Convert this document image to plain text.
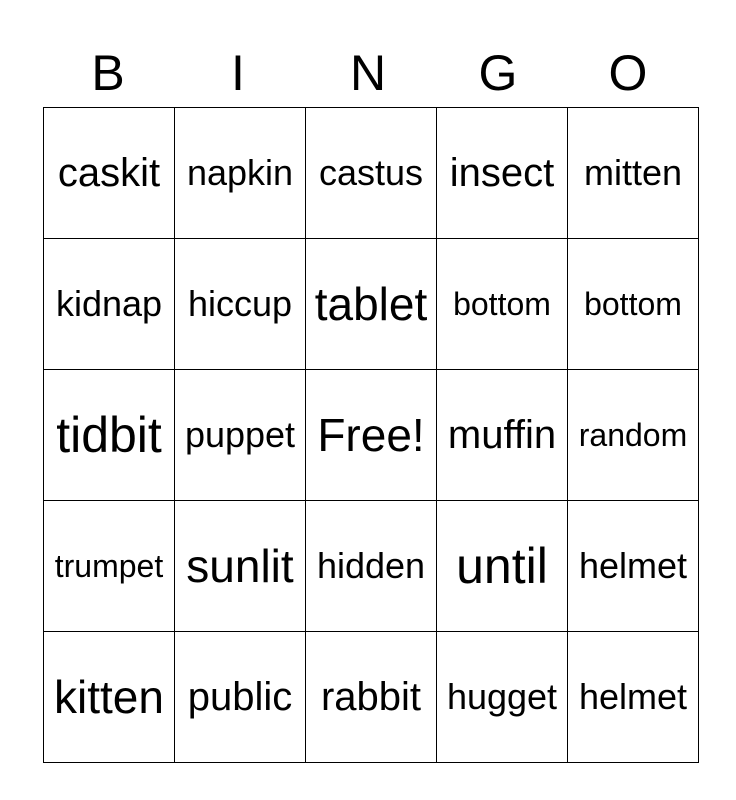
B	I	N	G	O
caskit	napkin	castus	insect	mitten
kidnap	hiccup	tablet	bottom	bottom
tidbit	puppet	Free!	muffin	random
trumpet	sunlit	hidden	until	helmet
kitten	public	rabbit	hugget	helmet
